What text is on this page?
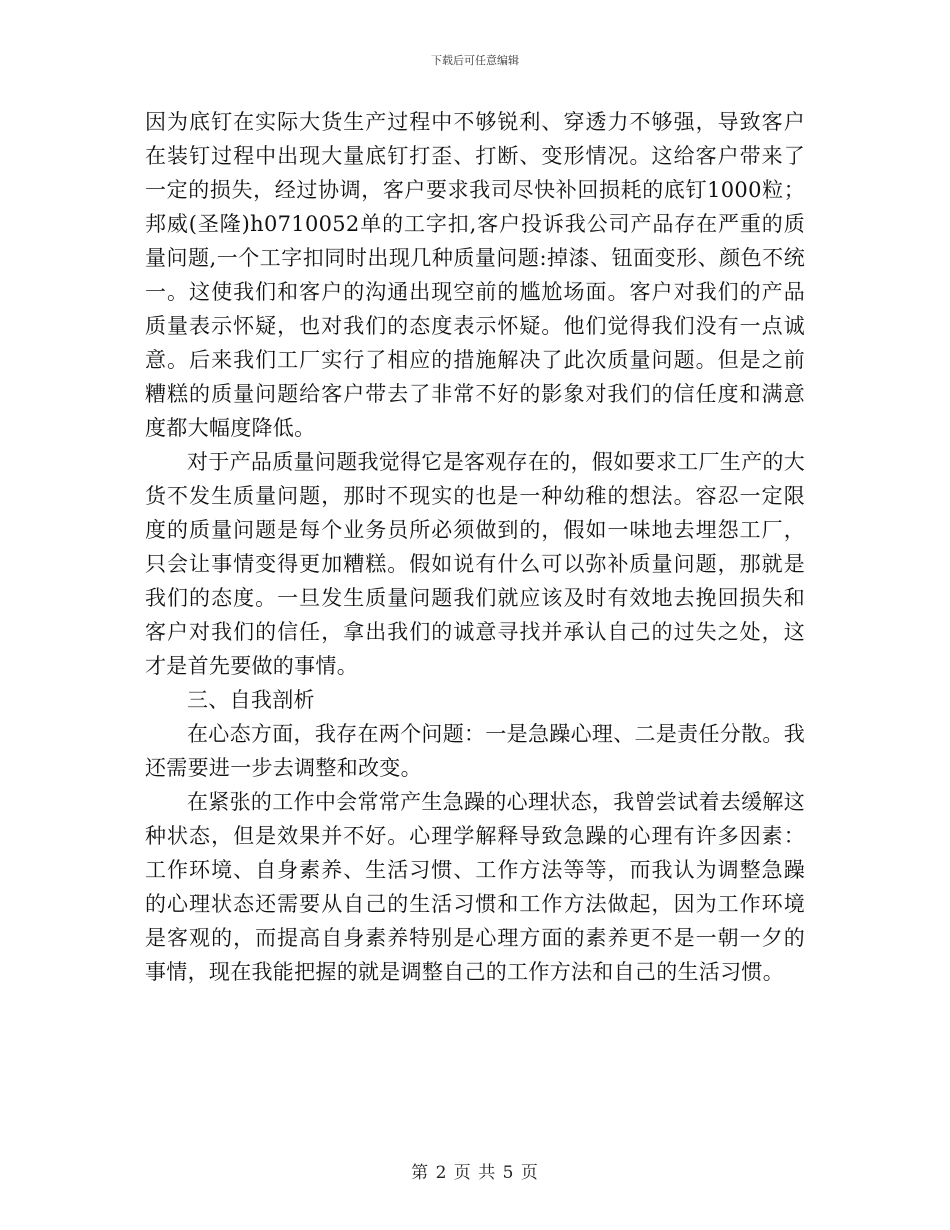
下载后可任意编辑

因为底钉在实际大货生产过程中不够锐利、穿透力不够强，导致客户在装钉过程中出现大量底钉打歪、打断、变形情况。这给客户带来了一定的损失，经过协调，客户要求我司尽快补回损耗的底钉1000粒；邦威(圣隆)h0710052单的工字扣,客户投诉我公司产品存在严重的质量问题,一个工字扣同时出现几种质量问题:掉漆、钮面变形、颜色不统一。这使我们和客户的沟通出现空前的尴尬场面。客户对我们的产品质量表示怀疑，也对我们的态度表示怀疑。他们觉得我们没有一点诚意。后来我们工厂实行了相应的措施解决了此次质量问题。但是之前糟糕的质量问题给客户带去了非常不好的影象对我们的信任度和满意度都大幅度降低。

对于产品质量问题我觉得它是客观存在的，假如要求工厂生产的大货不发生质量问题，那时不现实的也是一种幼稚的想法。容忍一定限度的质量问题是每个业务员所必须做到的，假如一味地去埋怨工厂，只会让事情变得更加糟糕。假如说有什么可以弥补质量问题，那就是我们的态度。一旦发生质量问题我们就应该及时有效地去挽回损失和客户对我们的信任，拿出我们的诚意寻找并承认自己的过失之处，这才是首先要做的事情。

三、自我剖析

在心态方面，我存在两个问题：一是急躁心理、二是责任分散。我还需要进一步去调整和改变。

在紧张的工作中会常常产生急躁的心理状态，我曾尝试着去缓解这种状态，但是效果并不好。心理学解释导致急躁的心理有许多因素：工作环境、自身素养、生活习惯、工作方法等等，而我认为调整急躁的心理状态还需要从自己的生活习惯和工作方法做起，因为工作环境是客观的，而提高自身素养特别是心理方面的素养更不是一朝一夕的事情，现在我能把握的就是调整自己的工作方法和自己的生活习惯。

第 2 页 共 5 页
